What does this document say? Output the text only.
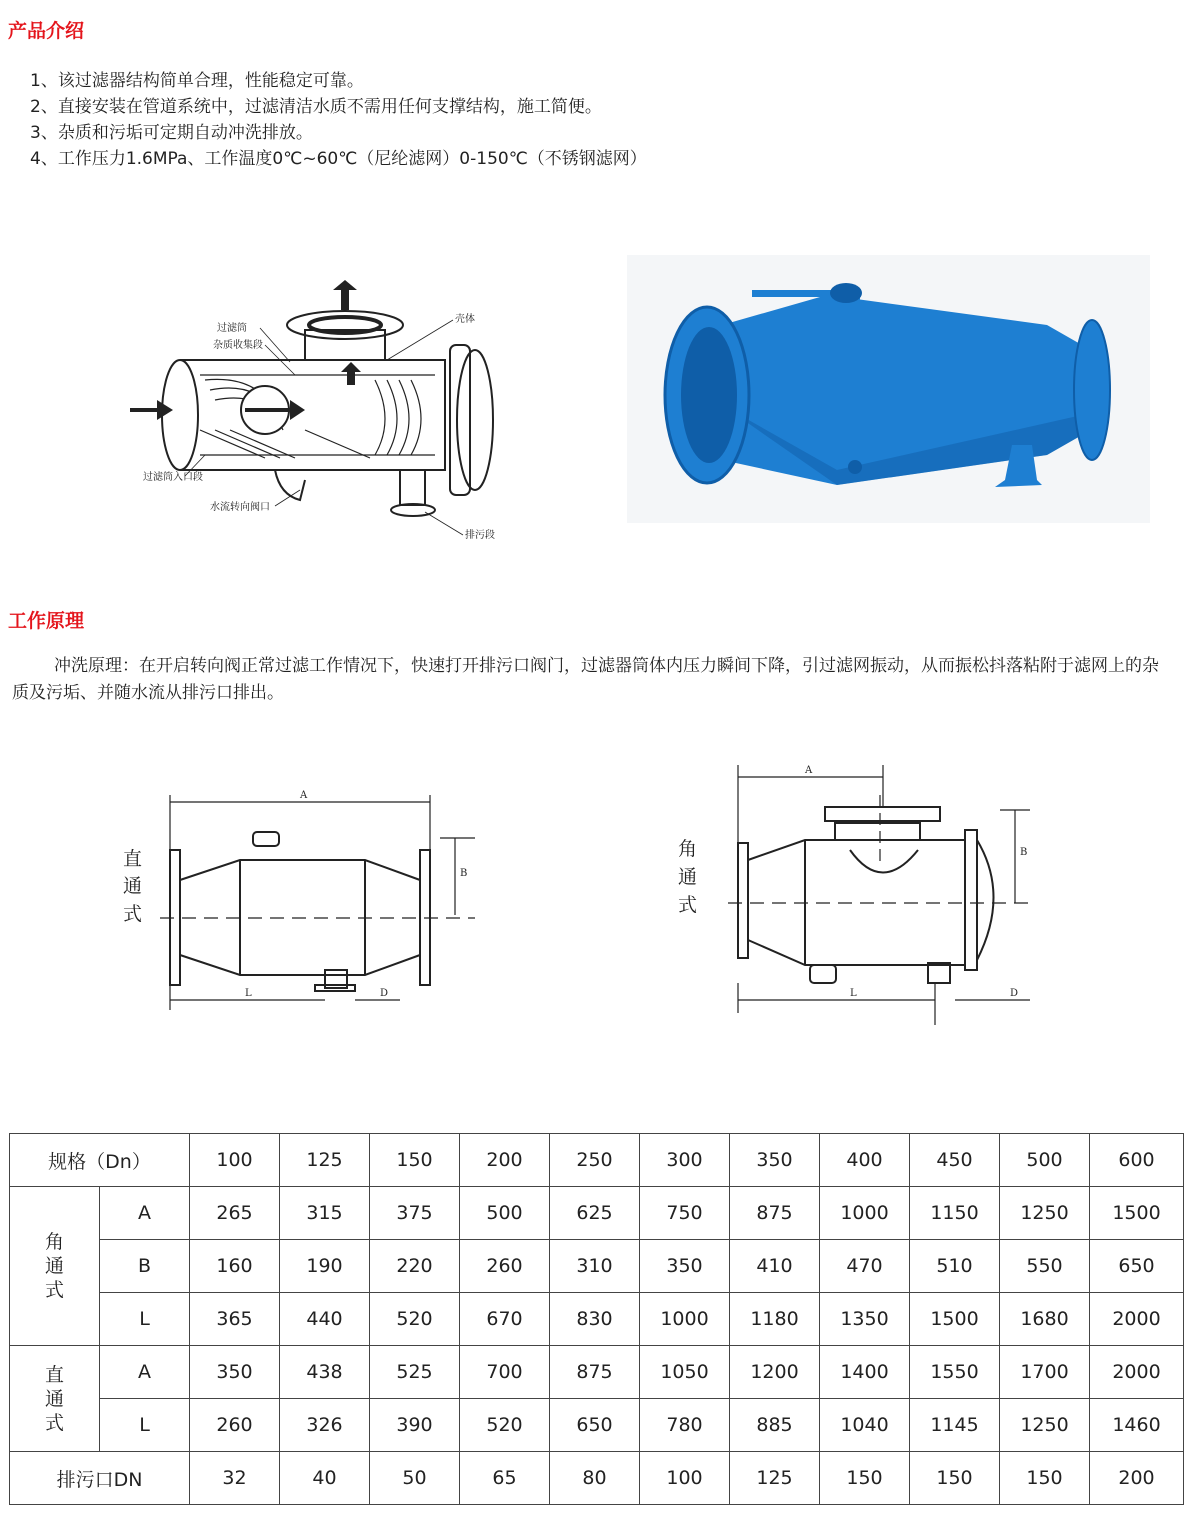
产品介绍
1、该过滤器结构简单合理，性能稳定可靠。
2、直接安装在管道系统中，过滤清洁水质不需用任何支撑结构，施工简便。
3、杂质和污垢可定期自动冲洗排放。
4、工作压力1.6MPa、工作温度0℃~60℃（尼纶滤网）0-150℃（不锈钢滤网）
过滤筒
杂质收集段
壳体
过滤筒入口段
水流转向阀口
排污段
工作原理

冲洗原理：在开启转向阀正常过滤工作情况下，快速打开排污口阀门，过滤器筒体内压力瞬间下降，引过滤网振动，从而振松抖落粘附于滤网上的杂质及污垢、并随水流从排污口排出。

直
通
式
A
B
L	D
角
通
式
A
B
L	D
规格（Dn）		100	125	150	200	250	300	350	400	450	500	600
角
通
式	A	265	315	375	500	625	750	875	1000	1150	1250	1500
	B	160	190	220	260	310	350	410	470	510	550	650
	L	365	440	520	670	830	1000	1180	1350	1500	1680	2000
直
通
式	A	350	438	525	700	875	1050	1200	1400	1550	1700	2000
	L	260	326	390	520	650	780	885	1040	1145	1250	1460
排污口DN		32	40	50	65	80	100	125	150	150	150	200
